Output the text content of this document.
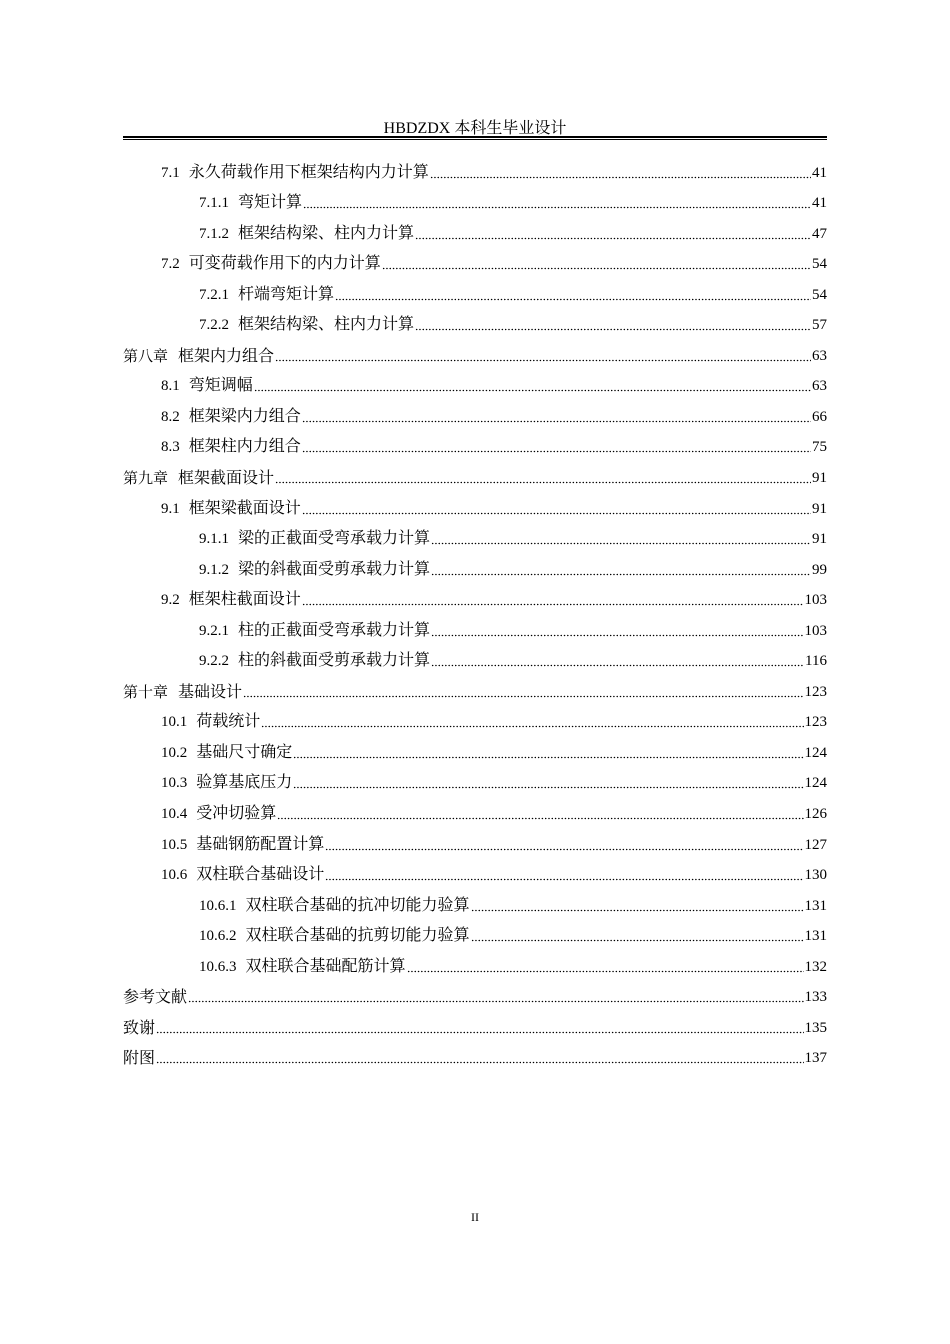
HBDZDX 本科生毕业设计
7.1 永久荷载作用下框架结构内力计算	41
7.1.1 弯矩计算	41
7.1.2 框架结构梁、柱内力计算	47
7.2 可变荷载作用下的内力计算	54
7.2.1 杆端弯矩计算	54
7.2.2 框架结构梁、柱内力计算	57
第八章 框架内力组合	63
8.1 弯矩调幅	63
8.2 框架梁内力组合	66
8.3 框架柱内力组合	75
第九章 框架截面设计	91
9.1 框架梁截面设计	91
9.1.1 梁的正截面受弯承载力计算	91
9.1.2 梁的斜截面受剪承载力计算	99
9.2 框架柱截面设计	103
9.2.1 柱的正截面受弯承载力计算	103
9.2.2 柱的斜截面受剪承载力计算	116
第十章 基础设计	123
10.1 荷载统计	123
10.2 基础尺寸确定	124
10.3 验算基底压力	124
10.4 受冲切验算	126
10.5 基础钢筋配置计算	127
10.6 双柱联合基础设计	130
10.6.1 双柱联合基础的抗冲切能力验算	131
10.6.2 双柱联合基础的抗剪切能力验算	131
10.6.3 双柱联合基础配筋计算	132
参考文献	133
致谢	135
附图	137
II
